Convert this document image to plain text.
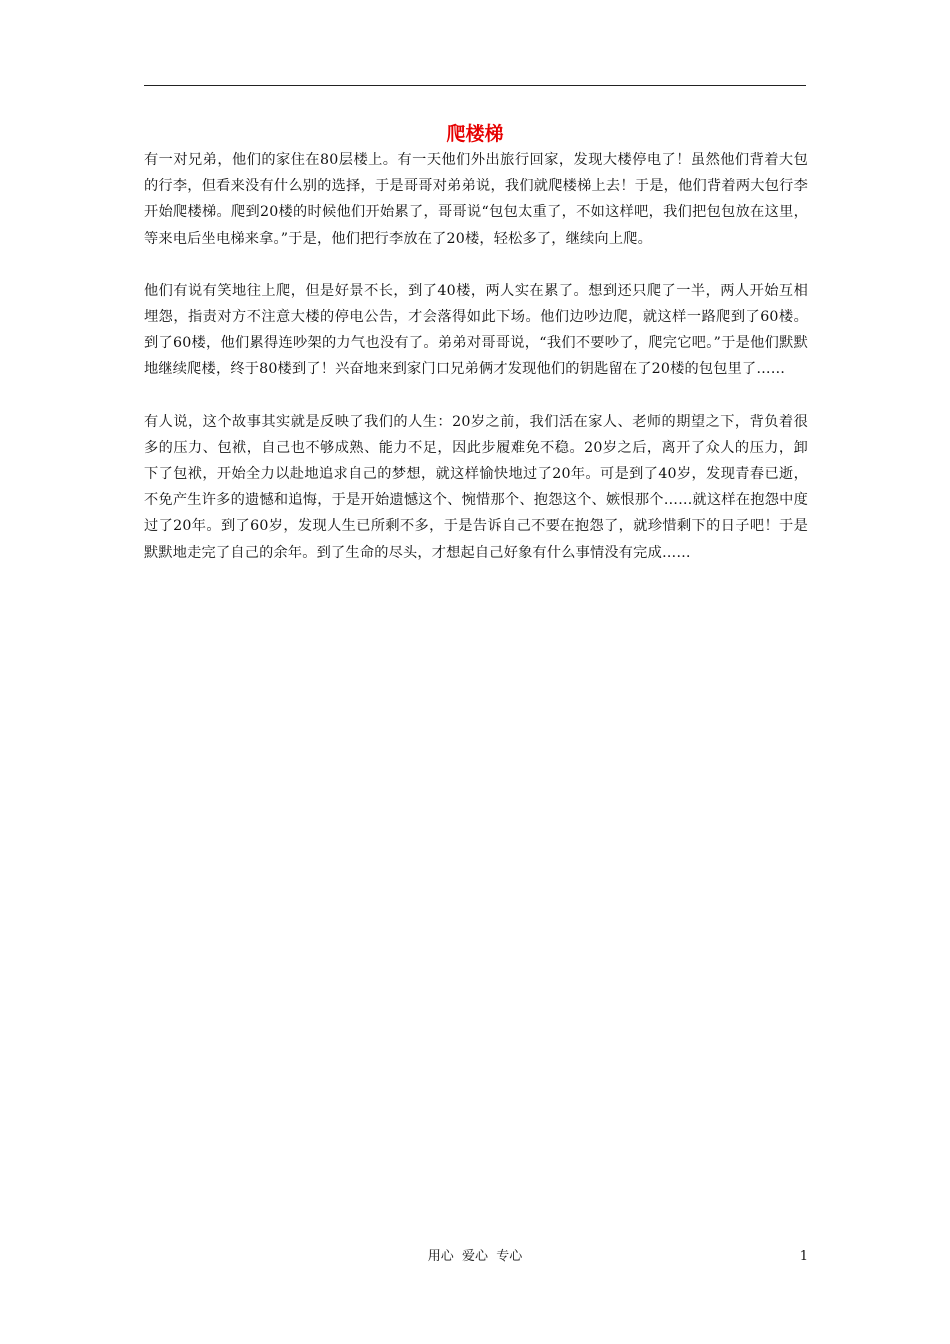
爬楼梯

有一对兄弟，他们的家住在80层楼上。有一天他们外出旅行回家，发现大楼停电了！虽然他们背着大包的行李，但看来没有什么别的选择，于是哥哥对弟弟说，我们就爬楼梯上去！于是，他们背着两大包行李开始爬楼梯。爬到20楼的时候他们开始累了，哥哥说“包包太重了，不如这样吧，我们把包包放在这里，等来电后坐电梯来拿。”于是，他们把行李放在了20楼，轻松多了，继续向上爬。

他们有说有笑地往上爬，但是好景不长，到了40楼，两人实在累了。想到还只爬了一半，两人开始互相埋怨，指责对方不注意大楼的停电公告，才会落得如此下场。他们边吵边爬，就这样一路爬到了60楼。到了60楼，他们累得连吵架的力气也没有了。弟弟对哥哥说，“我们不要吵了，爬完它吧。”于是他们默默地继续爬楼，终于80楼到了！兴奋地来到家门口兄弟俩才发现他们的钥匙留在了20楼的包包里了……

有人说，这个故事其实就是反映了我们的人生：20岁之前，我们活在家人、老师的期望之下，背负着很多的压力、包袱，自己也不够成熟、能力不足，因此步履难免不稳。20岁之后，离开了众人的压力，卸下了包袱，开始全力以赴地追求自己的梦想，就这样愉快地过了20年。可是到了40岁，发现青春已逝，不免产生许多的遗憾和追悔，于是开始遗憾这个、惋惜那个、抱怨这个、嫉恨那个……就这样在抱怨中度过了20年。到了60岁，发现人生已所剩不多，于是告诉自己不要在抱怨了，就珍惜剩下的日子吧！于是默默地走完了自己的余年。到了生命的尽头，才想起自己好象有什么事情没有完成……

用心  爱心  专心	1
